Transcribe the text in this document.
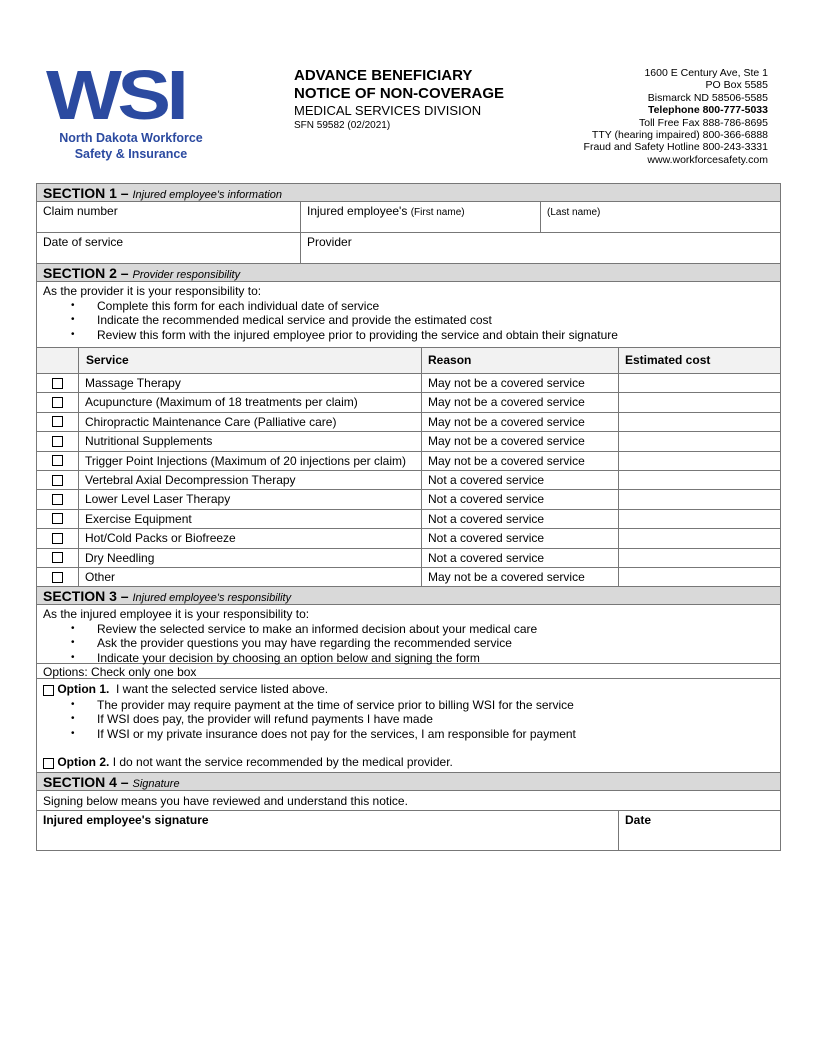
WSI
North Dakota Workforce
Safety & Insurance
ADVANCE BENEFICIARY
NOTICE OF NON-COVERAGE
MEDICAL SERVICES DIVISION
SFN 59582 (02/2021)
1600 E Century Ave, Ste 1
PO Box 5585
Bismarck ND 58506-5585
Telephone 800-777-5033
Toll Free Fax 888-786-8695
TTY (hearing impaired) 800-366-6888
Fraud and Safety Hotline 800-243-3331
www.workforcesafety.com
SECTION 1 – Injured employee's information
Claim number	Injured employee's (First name)	(Last name)
Date of service	Provider
SECTION 2 – Provider responsibility
As the provider it is your responsibility to:
• Complete this form for each individual date of service
• Indicate the recommended medical service and provide the estimated cost
• Review this form with the injured employee prior to providing the service and obtain their signature
Service	Reason	Estimated cost
Massage Therapy	May not be a covered service
Acupuncture (Maximum of 18 treatments per claim)	May not be a covered service
Chiropractic Maintenance Care (Palliative care)	May not be a covered service
Nutritional Supplements	May not be a covered service
Trigger Point Injections (Maximum of 20 injections per claim)	May not be a covered service
Vertebral Axial Decompression Therapy	Not a covered service
Lower Level Laser Therapy	Not a covered service
Exercise Equipment	Not a covered service
Hot/Cold Packs or Biofreeze	Not a covered service
Dry Needling	Not a covered service
Other	May not be a covered service
SECTION 3 – Injured employee's responsibility
As the injured employee it is your responsibility to:
• Review the selected service to make an informed decision about your medical care
• Ask the provider questions you may have regarding the recommended service
• Indicate your decision by choosing an option below and signing the form
Options: Check only one box
Option 1. I want the selected service listed above.
• The provider may require payment at the time of service prior to billing WSI for the service
• If WSI does pay, the provider will refund payments I have made
• If WSI or my private insurance does not pay for the services, I am responsible for payment
Option 2. I do not want the service recommended by the medical provider.
SECTION 4 – Signature
Signing below means you have reviewed and understand this notice.
Injured employee's signature	Date
